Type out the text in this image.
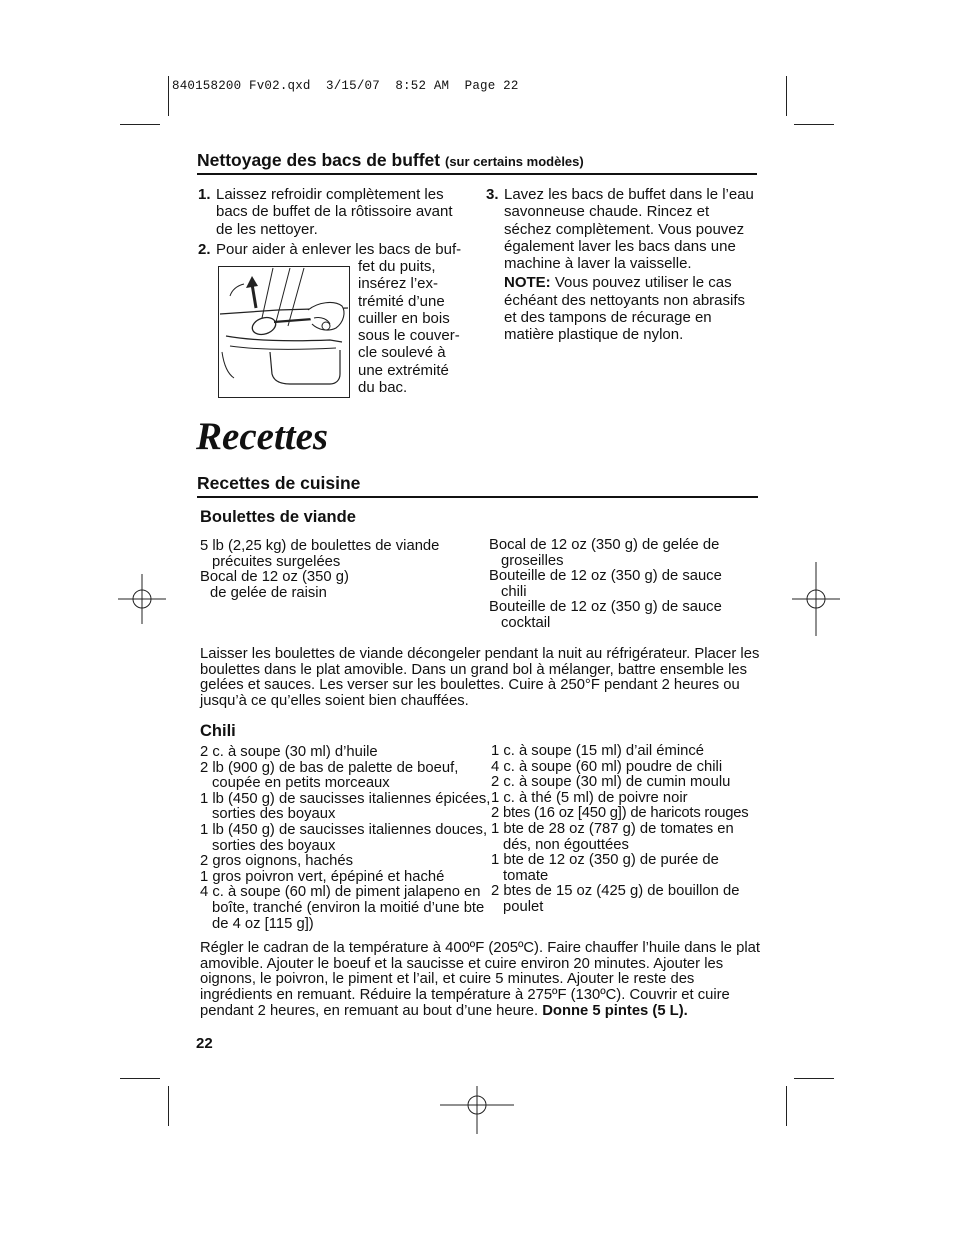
840158200 Fv02.qxd  3/15/07  8:52 AM  Page 22
Nettoyage des bacs de buffet (sur certains modèles)
1. Laissez refroidir complètement les bacs de buffet de la rôtissoire avant de les nettoyer.
2. Pour aider à enlever les bacs de buf-
fet du puits, insérez l’ex-trémité d’une cuiller en bois sous le couver-cle soulevé à une extrémité du bac.
3. Lavez les bacs de buffet dans le l’eau savonneuse chaude. Rincez et séchez complètement. Vous pouvez également laver les bacs dans une machine à laver la vaisselle.
NOTE: Vous pouvez utiliser le cas échéant des nettoyants non abrasifs et des tampons de récurage en matière plastique de nylon.
Recettes
Recettes de cuisine
Boulettes de viande
5 lb (2,25 kg) de boulettes de viande précuites surgelées
Bocal de 12 oz (350 g) de gelée de raisin
Bocal de 12 oz (350 g) de gelée de groseilles
Bouteille de 12 oz (350 g) de sauce chili
Bouteille de 12 oz (350 g) de sauce cocktail
Laisser les boulettes de viande décongeler pendant la nuit au réfrigérateur. Placer les boulettes dans le plat amovible. Dans un grand bol à mélanger, battre ensemble les gelées et sauces. Les verser sur les boulettes. Cuire à 250°F pendant 2 heures ou jusqu’à ce qu’elles soient bien chauffées.
Chili
2 c. à soupe (30 ml) d’huile
2 lb (900 g) de bas de palette de boeuf, coupée en petits morceaux
1 lb (450 g) de saucisses italiennes épicées, sorties des boyaux
1 lb (450 g) de saucisses italiennes douces, sorties des boyaux
2 gros oignons, hachés
1 gros poivron vert, épépiné et haché
4 c. à soupe (60 ml) de piment jalapeno en boîte, tranché (environ la moitié d’une bte de 4 oz [115 g])
1 c. à soupe (15 ml) d’ail émincé
4 c. à soupe (60 ml) poudre de chili
2 c. à soupe (30 ml) de cumin moulu
1 c. à thé (5 ml) de poivre noir
2 btes (16 oz [450 g]) de haricots rouges
1 bte de 28 oz (787 g) de tomates en dés, non égouttées
1 bte de 12 oz (350 g) de purée de tomate
2 btes de 15 oz (425 g) de bouillon de poulet
Régler le cadran de la température à 400ºF (205ºC). Faire chauffer l’huile dans le plat amovible. Ajouter le boeuf et la saucisse et cuire environ 20 minutes. Ajouter les oignons, le poivron, le piment et l’ail, et cuire 5 minutes. Ajouter le reste des ingrédients en remuant. Réduire la température à 275ºF (130ºC). Couvrir et cuire pendant 2 heures, en remuant au bout d’une heure. Donne 5 pintes (5 L).
22
